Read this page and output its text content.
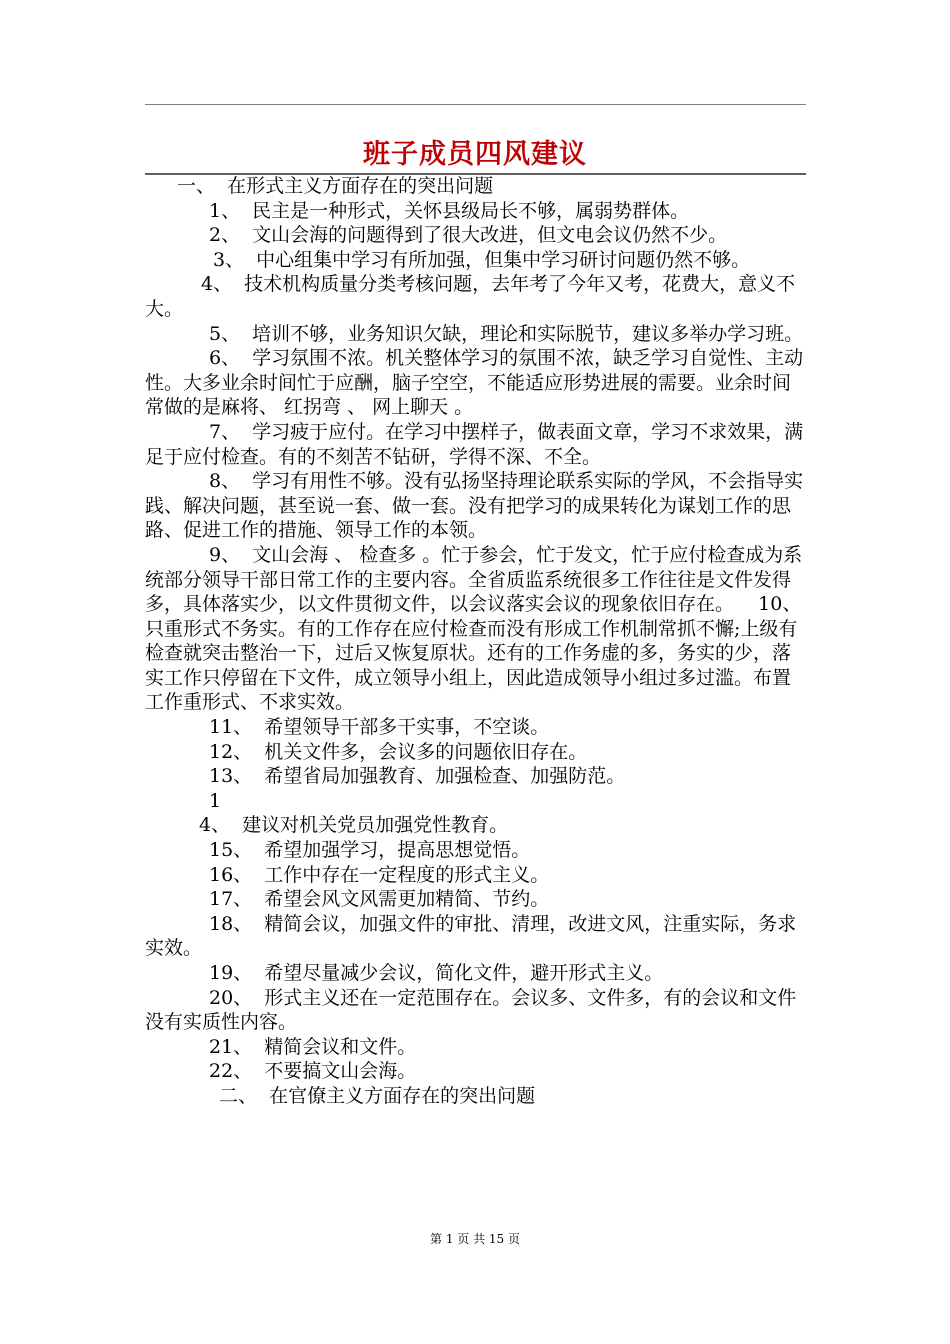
班子成员四风建议

一、  在形式主义方面存在的突出问题

1、  民主是一种形式，关怀县级局长不够，属弱势群体。

2、  文山会海的问题得到了很大改进，但文电会议仍然不少。

3、  中心组集中学习有所加强，但集中学习研讨问题仍然不够。

4、  技术机构质量分类考核问题，去年考了今年又考，花费大，意义不大。

5、  培训不够，业务知识欠缺，理论和实际脱节，建议多举办学习班。

6、  学习氛围不浓。机关整体学习的氛围不浓，缺乏学习自觉性、主动性。大多业余时间忙于应酬，脑子空空，不能适应形势进展的需要。业余时间常做的是麻将、 红拐弯 、 网上聊天 。

7、  学习疲于应付。在学习中摆样子，做表面文章，学习不求效果，满足于应付检查。有的不刻苦不钻研，学得不深、不全。

8、  学习有用性不够。没有弘扬坚持理论联系实际的学风，不会指导实践、解决问题，甚至说一套、做一套。没有把学习的成果转化为谋划工作的思路、促进工作的措施、领导工作的本领。

9、  文山会海 、 检查多 。忙于参会，忙于发文，忙于应付检查成为系统部分领导干部日常工作的主要内容。全省质监系统很多工作往往是文件发得多，具体落实少，以文件贯彻文件，以会议落实会议的现象依旧存在。    10、  只重形式不务实。有的工作存在应付检查而没有形成工作机制常抓不懈;上级有检查就突击整治一下，过后又恢复原状。还有的工作务虚的多，务实的少，落实工作只停留在下文件，成立领导小组上，因此造成领导小组过多过滥。布置工作重形式、不求实效。

11、  希望领导干部多干实事，不空谈。

12、  机关文件多，会议多的问题依旧存在。

13、  希望省局加强教育、加强检查、加强防范。

1

4、  建议对机关党员加强党性教育。

15、  希望加强学习，提高思想觉悟。

16、  工作中存在一定程度的形式主义。

17、  希望会风文风需更加精简、节约。

18、  精简会议，加强文件的审批、清理，改进文风，注重实际，务求实效。

19、  希望尽量减少会议，简化文件，避开形式主义。

20、  形式主义还在一定范围存在。会议多、文件多，有的会议和文件没有实质性内容。

21、  精简会议和文件。

22、  不要搞文山会海。

二、  在官僚主义方面存在的突出问题

第 1 页 共 15 页
